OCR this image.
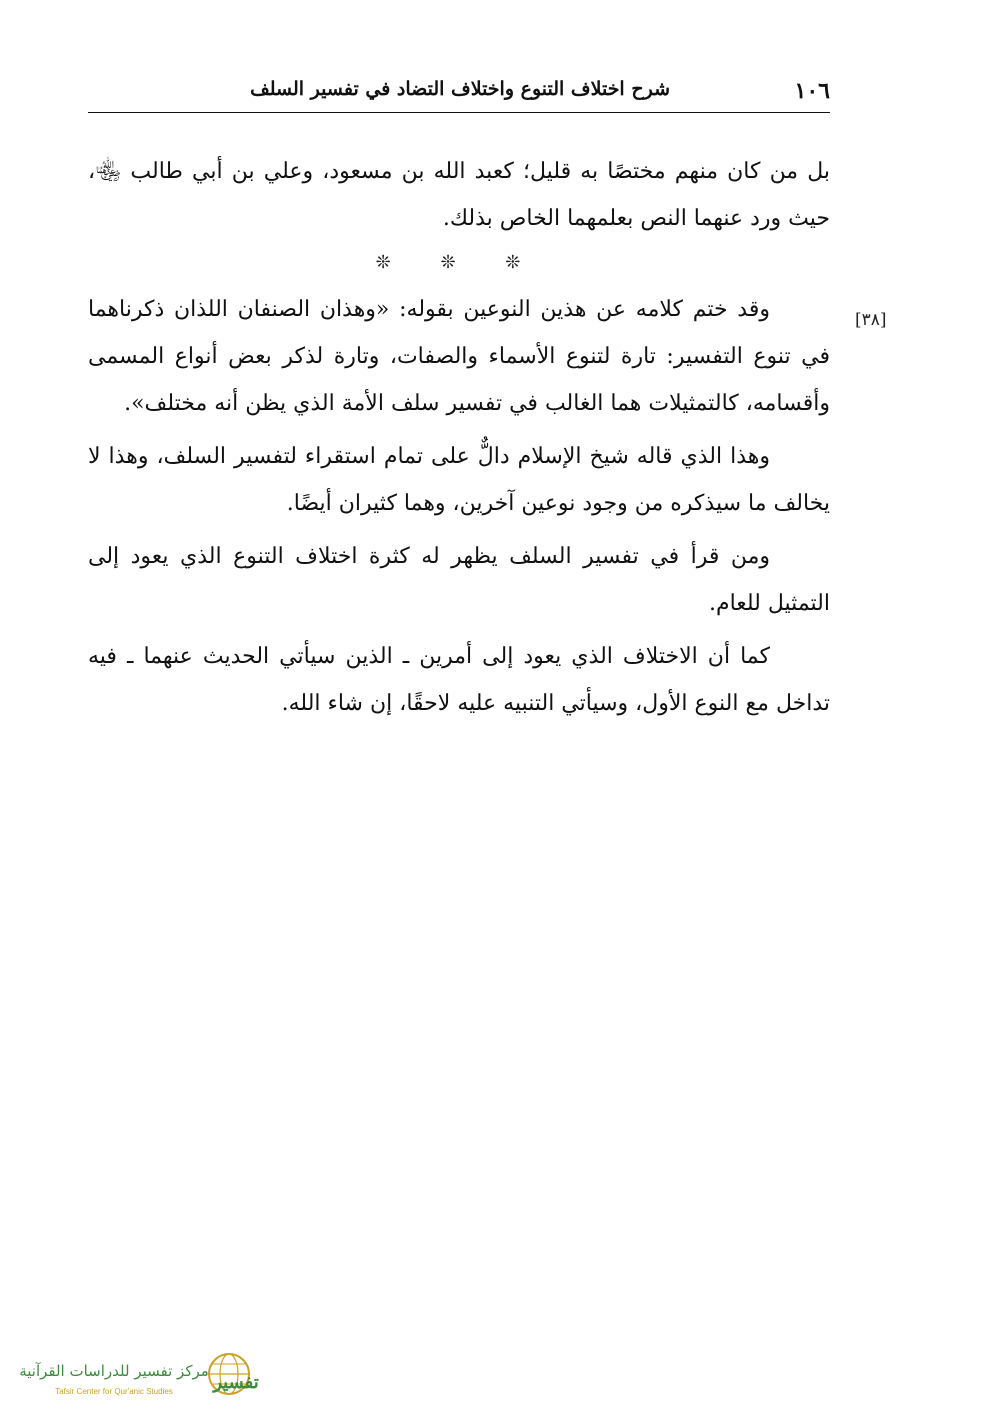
١٠٦
شرح اختلاف التنوع واختلاف التضاد في تفسير السلف
[٣٨]

بل من كان منهم مختصًا به قليل؛ كعبد الله بن مسعود، وعلي بن أبي طالب ﵄، حيث ورد عنهما النص بعلمهما الخاص بذلك.

❊ ❊ ❊

وقد ختم كلامه عن هذين النوعين بقوله: «وهذان الصنفان اللذان ذكرناهما في تنوع التفسير: تارة لتنوع الأسماء والصفات، وتارة لذكر بعض أنواع المسمى وأقسامه، كالتمثيلات هما الغالب في تفسير سلف الأمة الذي يظن أنه مختلف».

وهذا الذي قاله شيخ الإسلام دالٌّ على تمام استقراء لتفسير السلف، وهذا لا يخالف ما سيذكره من وجود نوعين آخرين، وهما كثيران أيضًا.

ومن قرأ في تفسير السلف يظهر له كثرة اختلاف التنوع الذي يعود إلى التمثيل للعام.

كما أن الاختلاف الذي يعود إلى أمرين ـ الذين سيأتي الحديث عنهما ـ فيه تداخل مع النوع الأول، وسيأتي التنبيه عليه لاحقًا، إن شاء الله.

مركز تفسير للدراسات القرآنية
Tafsir Center for Qur'anic Studies تفسير
